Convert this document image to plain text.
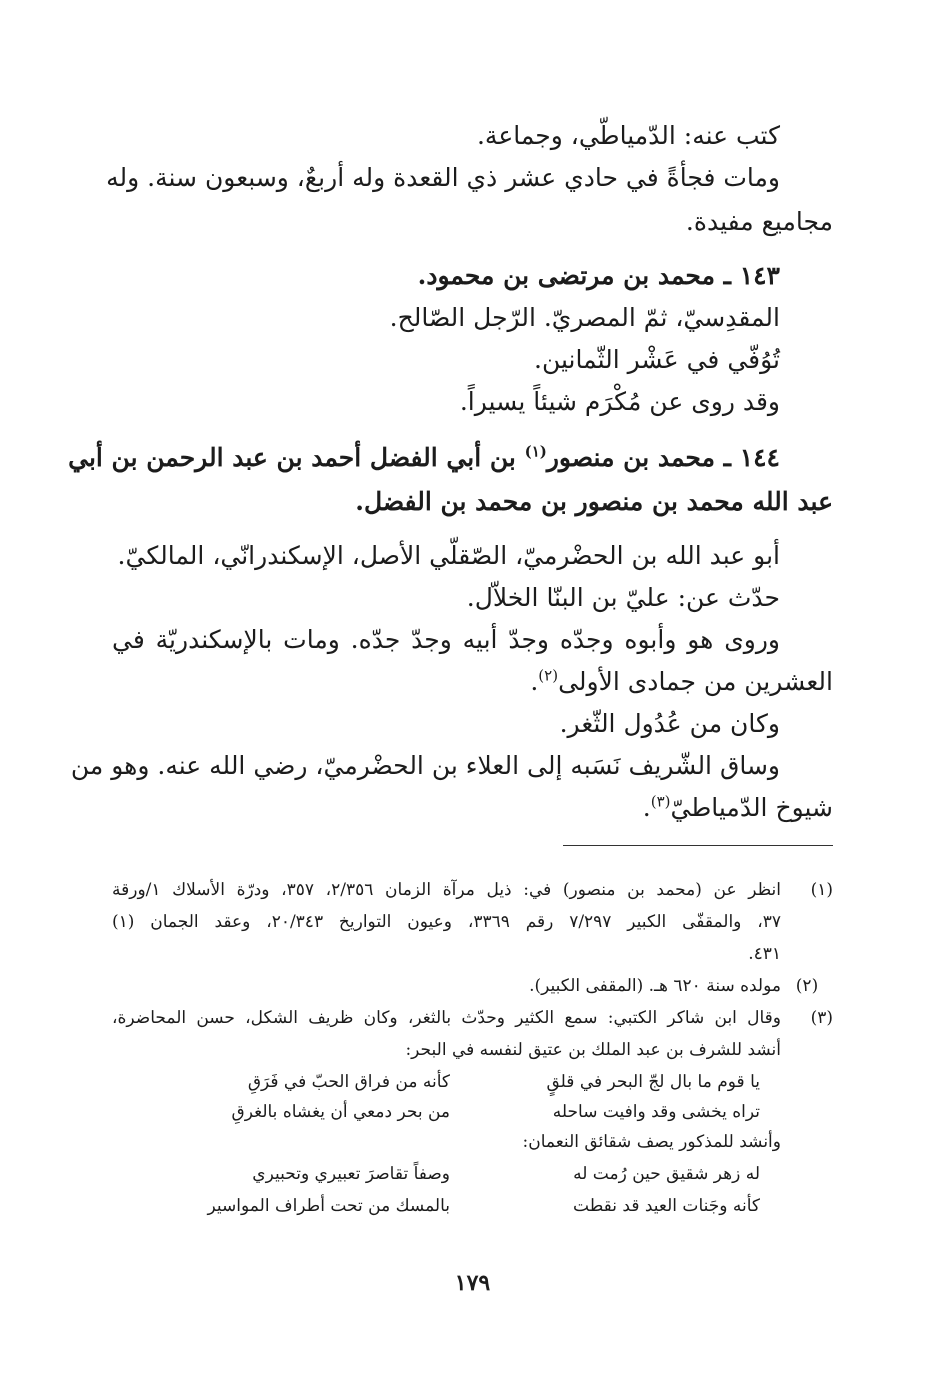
كتب عنه: الدّمياطّي، وجماعة.
ومات فجأةً في حادي عشر ذي القعدة وله أربعٌ، وسبعون سنة. وله
مجاميع مفيدة.
١٤٣ ـ محمد بن مرتضى بن محمود.
المقدِسيّ، ثمّ المصريّ. الرّجل الصّالح.
تُوُفّي في عَشْر الثّمانين.
وقد روى عن مُكْرَم شيئاً يسيراً.
١٤٤ ـ محمد بن منصور$^{(١)}$ بن أبي الفضل أحمد بن عبد الرحمن بن أبي
عبد الله محمد بن منصور بن محمد بن الفضل.
أبو عبد الله بن الحضْرميّ، الصّقلّي الأصل، الإسكندرانّي، المالكيّ.
حدّث عن: عليّ بن البنّا الخلاّل.
وروى هو وأبوه وجدّه وجدّ أبيه وجدّ جدّه. ومات بالإسكندريّة في
العشرين من جمادى الأولى$^{(٢)}$.
وكان من عُدُول الثّغر.
وساق الشّريف نَسَبه إلى العلاء بن الحضْرميّ، رضي الله عنه. وهو من
شيوخ الدّمياطيّ$^{(٣)}$.
(١)انظر عن (محمد بن منصور) في: ذيل مرآة الزمان ٢/٣٥٦، ٣٥٧، ودرّة الأسلاك ١/ورقة
٣٧، والمقفّى الكبير ٧/٢٩٧ رقم ٣٣٦٩، وعيون التواريخ ٢٠/٣٤٣، وعقد الجمان (١)
٤٣١.
(٢)مولده سنة ٦٢٠ هـ. (المقفى الكبير).
(٣)وقال ابن شاكر الكتبي: سمع الكثير وحدّث بالثغر، وكان ظريف الشكل، حسن المحاضرة،
أنشد للشرف بن عبد الملك بن عتيق لنفسه في البحر:
يا قوم ما بال لجّ البحر في قلقٍ
كأنه من فراق الحبّ في فَرَقِ
تراه يخشى وقد وافيت ساحله
من بحر دمعي أن يغشاه بالغرقِ
وأنشد للمذكور يصف شقائق النعمان:
له زهر شقيق حين رُمت له
وصفاً تقاصرَ تعبيري وتحبيري
كأنه وجَنات العيد قد نقطت
بالمسك من تحت أطراف المواسير
١٧٩
